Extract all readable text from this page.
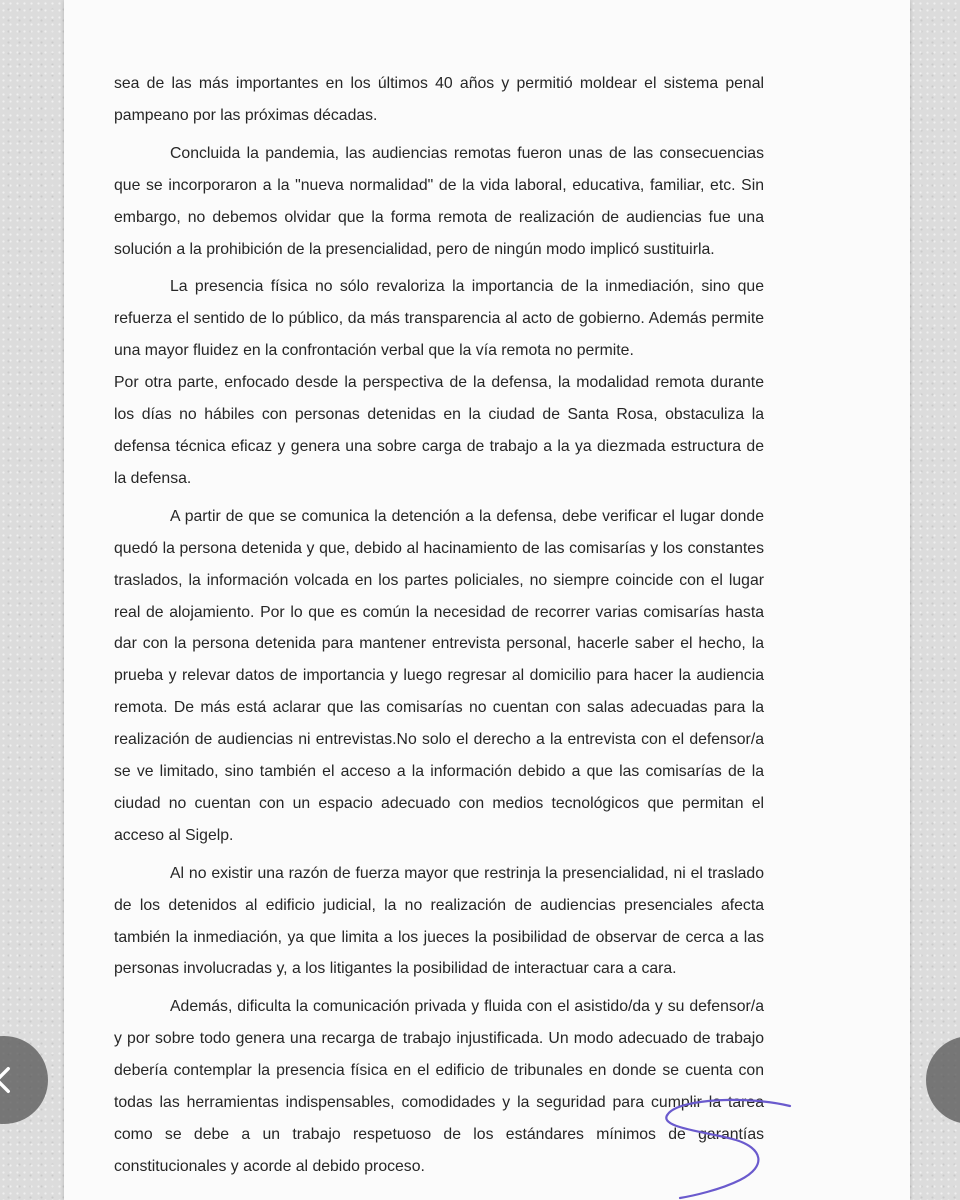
sea de las más importantes en los últimos 40 años y permitió moldear el sistema penal pampeano por las próximas décadas.

Concluida la pandemia, las audiencias remotas fueron unas de las consecuencias que se incorporaron a la "nueva normalidad" de la vida laboral, educativa, familiar, etc. Sin embargo, no debemos olvidar que la forma remota de realización de audiencias fue una solución a la prohibición de la presencialidad, pero de ningún modo implicó sustituirla.

La presencia física no sólo revaloriza la importancia de la inmediación, sino que refuerza el sentido de lo público, da más transparencia al acto de gobierno. Además permite una mayor fluidez en la confrontación verbal que la vía remota no permite.

Por otra parte, enfocado desde la perspectiva de la defensa, la modalidad remota durante los días no hábiles con personas detenidas en la ciudad de Santa Rosa, obstaculiza la defensa técnica eficaz y genera una sobre carga de trabajo a la ya diezmada estructura de la defensa.

A partir de que se comunica la detención a la defensa, debe verificar el lugar donde quedó la persona detenida y que, debido al hacinamiento de las comisarías y los constantes traslados, la información volcada en los partes policiales, no siempre coincide con el lugar real de alojamiento. Por lo que es común la necesidad de recorrer varias comisarías hasta dar con la persona detenida para mantener entrevista personal, hacerle saber el hecho, la prueba y relevar datos de importancia y luego regresar al domicilio para hacer la audiencia remota. De más está aclarar que las comisarías no cuentan con salas adecuadas para la realización de audiencias ni entrevistas.No solo el derecho a la entrevista con el defensor/a se ve limitado, sino también el acceso a la información debido a que las comisarías de la ciudad no cuentan con un espacio adecuado con medios tecnológicos que permitan el acceso al Sigelp.

Al no existir una razón de fuerza mayor que restrinja la presencialidad, ni el traslado de los detenidos al edificio judicial, la no realización de audiencias presenciales afecta también la inmediación, ya que limita a los jueces la posibilidad de observar de cerca a las personas involucradas y, a los litigantes la posibilidad de interactuar cara a cara.

Además, dificulta la comunicación privada y fluida con el asistido/da y su defensor/a y por sobre todo genera una recarga de trabajo injustificada. Un modo adecuado de trabajo debería contemplar la presencia física en el edificio de tribunales en donde se cuenta con todas las herramientas indispensables, comodidades y la seguridad para cumplir la tarea como se debe a un trabajo respetuoso de los estándares mínimos de garantías constitucionales y acorde al debido proceso.
